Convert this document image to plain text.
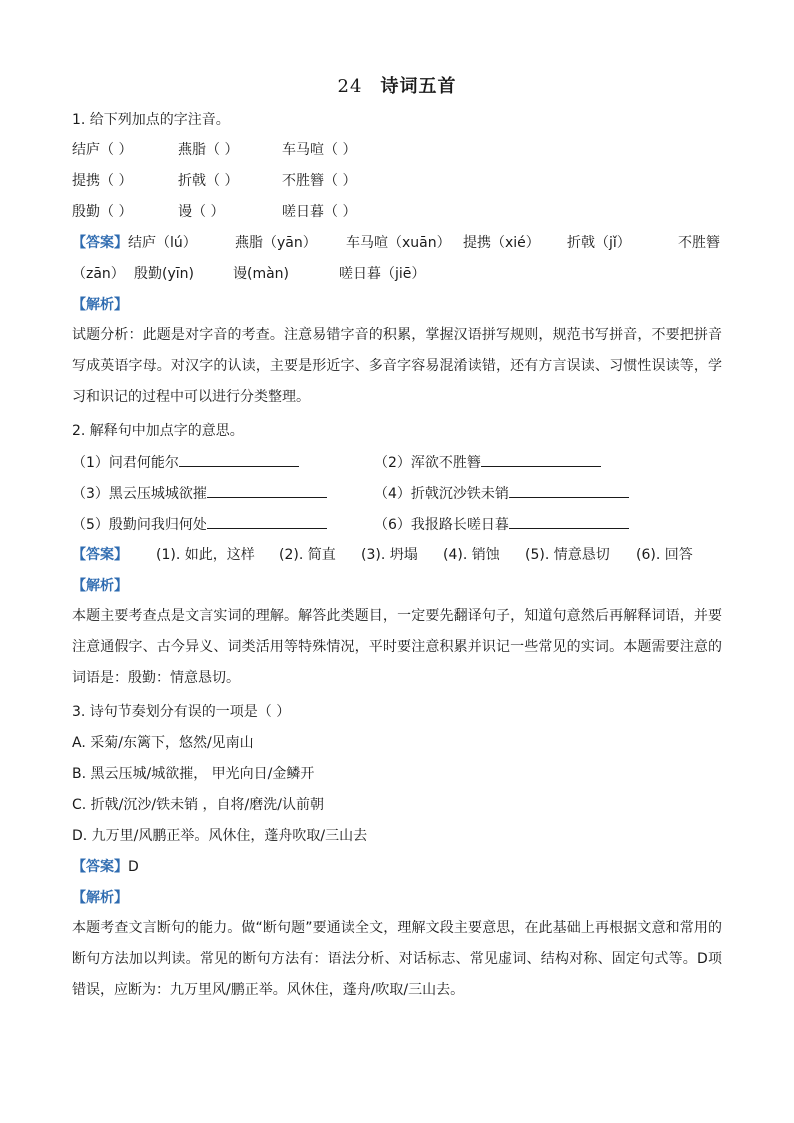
24 诗词五首
1. 给下列加点的字注音。
结庐（ ）	燕脂（ ）	车马喧（ ）
提携（ ）	折戟（ ）	不胜簪（ ）
殷勤（ ）	谩（ ）	嗟日暮（ ）
【答案】 结庐（lú）	燕脂（yān） 车马喧（xuān） 提携（xié） 折戟（jǐ）	不胜簪
（zān） 殷勤(yīn)	谩(màn)	嗟日暮（jiē）
【解析】
试题分析：此题是对字音的考查。注意易错字音的积累，掌握汉语拼写规则，规范书写拼音，不要把拼音写成英语字母。对汉字的认读，主要是形近字、多音字容易混淆读错，还有方言误读、习惯性误读等，学习和识记的过程中可以进行分类整理。
2. 解释句中加点字的意思。
（1）问君何能尔	（2）浑欲不胜簪
（3）黑云压城城欲摧	（4）折戟沉沙铁未销
（5）殷勤问我归何处	（6）我报路长嗟日暮
【答案】 (1). 如此，这样 (2). 简直 (3). 坍塌 (4). 销蚀 (5). 情意恳切 (6). 回答
【解析】
本题主要考查点是文言实词的理解。解答此类题目，一定要先翻译句子，知道句意然后再解释词语，并要注意通假字、古今异义、词类活用等特殊情况，平时要注意积累并识记一些常见的实词。本题需要注意的词语是：殷勤：情意恳切。
3. 诗句节奏划分有误的一项是（ ）
A. 采菊/东篱下，悠然/见南山
B. 黑云压城/城欲摧， 甲光向日/金鳞开
C. 折戟/沉沙/铁未销 ，自将/磨洗/认前朝
D. 九万里/风鹏正举。风休住，蓬舟吹取/三山去
【答案】D
【解析】
本题考查文言断句的能力。做“断句题”要通读全文，理解文段主要意思，在此基础上再根据文意和常用的断句方法加以判读。常见的断句方法有：语法分析、对话标志、常见虚词、结构对称、固定句式等。D项错误，应断为：九万里风/鹏正举。风休住，蓬舟/吹取/三山去。
